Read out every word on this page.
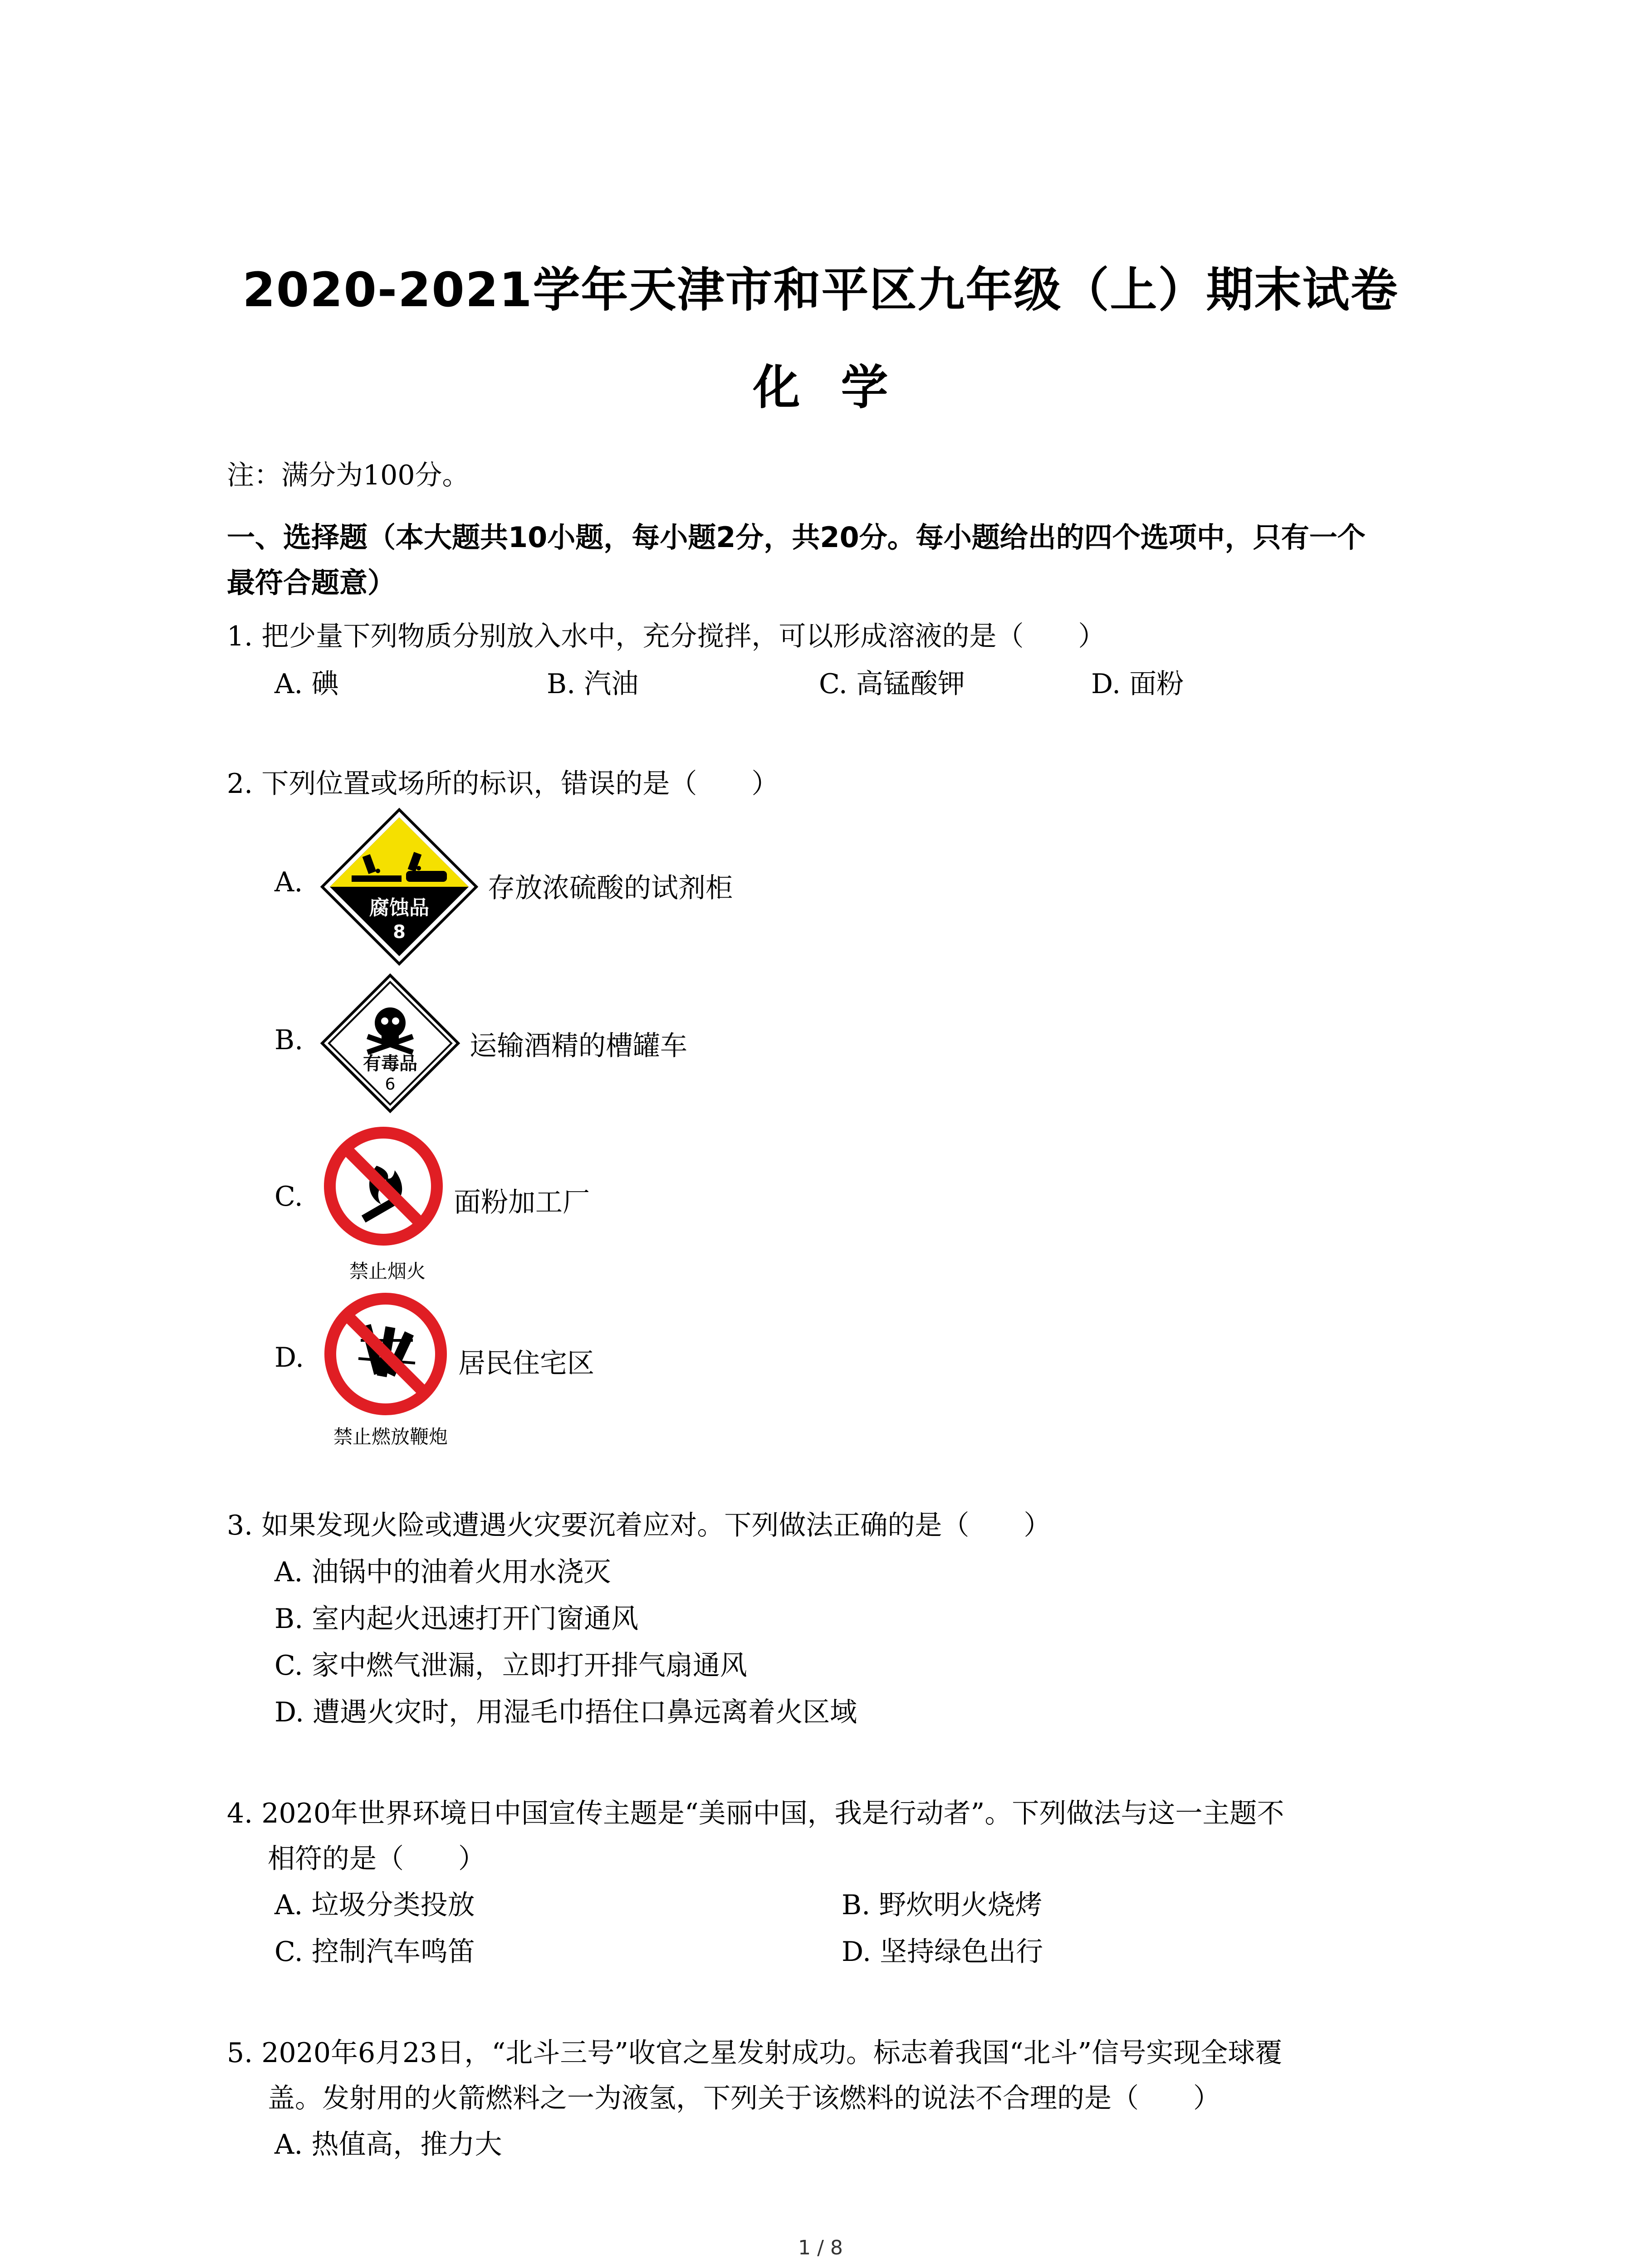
2020-2021学年天津市和平区九年级（上）期末试卷
化学
注：满分为100分。
一、选择题（本大题共10小题，每小题2分，共20分。每小题给出的四个选项中，只有一个
最符合题意）
1. 把少量下列物质分别放入水中，充分搅拌，可以形成溶液的是（　　）
A. 碘	B. 汽油	C. 高锰酸钾	D. 面粉
2. 下列位置或场所的标识，错误的是（　　）
A.
腐蚀品
8
存放浓硫酸的试剂柜
B.
有毒品
6
运输酒精的槽罐车
C.
禁止烟火
面粉加工厂
D.
禁止燃放鞭炮
居民住宅区
3. 如果发现火险或遭遇火灾要沉着应对。下列做法正确的是（　　）
A. 油锅中的油着火用水浇灭
B. 室内起火迅速打开门窗通风
C. 家中燃气泄漏，立即打开排气扇通风
D. 遭遇火灾时，用湿毛巾捂住口鼻远离着火区域
4. 2020年世界环境日中国宣传主题是“美丽中国，我是行动者”。下列做法与这一主题不
相符的是（　　）
A. 垃圾分类投放	B. 野炊明火烧烤
C. 控制汽车鸣笛	D. 坚持绿色出行
5. 2020年6月23日，“北斗三号”收官之星发射成功。标志着我国“北斗”信号实现全球覆
盖。发射用的火箭燃料之一为液氢，下列关于该燃料的说法不合理的是（　　）
A. 热值高，推力大
1 / 8
